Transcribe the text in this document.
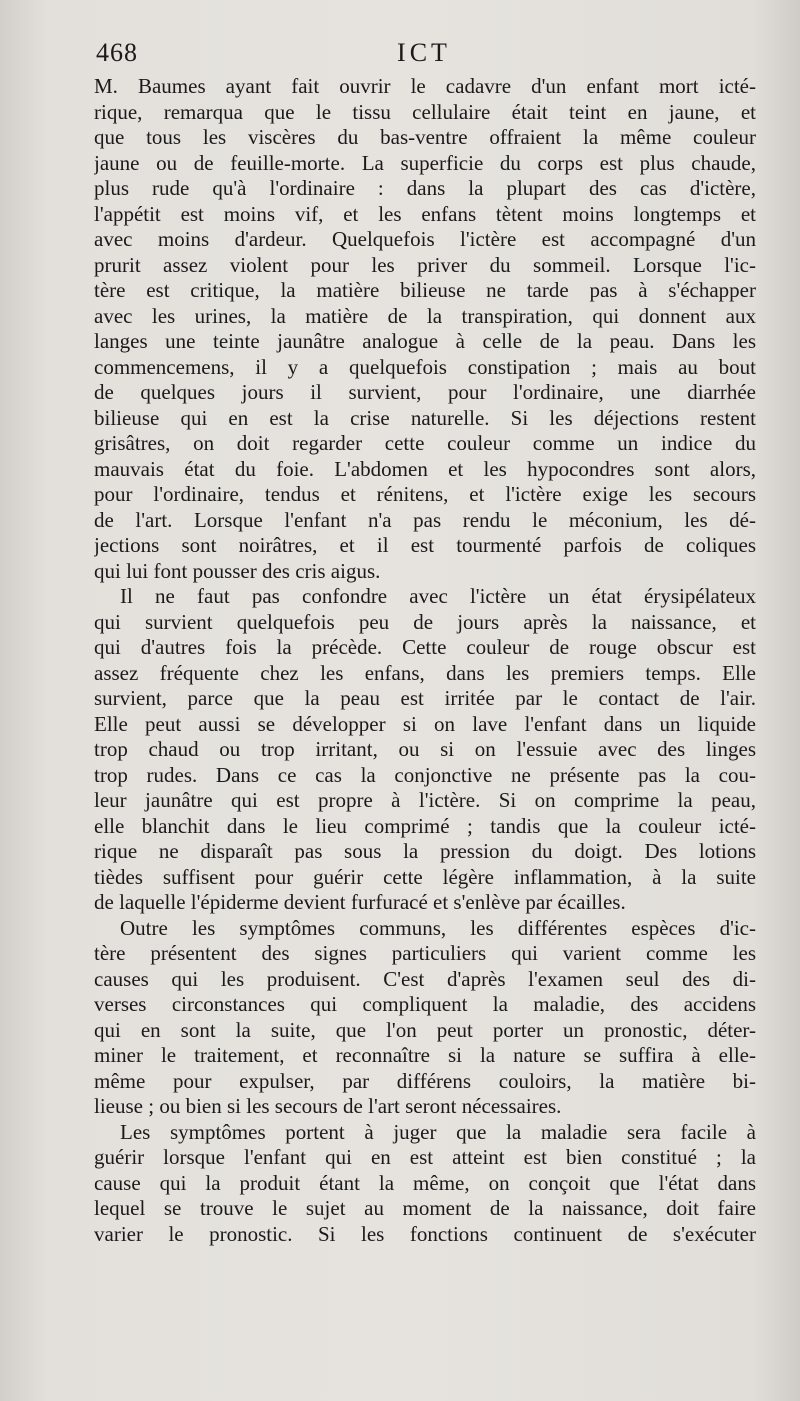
468	ICT
M. Baumes ayant fait ouvrir le cadavre d'un enfant mort icté-
rique, remarqua que le tissu cellulaire était teint en jaune, et
que tous les viscères du bas-ventre offraient la même couleur
jaune ou de feuille-morte. La superficie du corps est plus chaude,
plus rude qu'à l'ordinaire : dans la plupart des cas d'ictère,
l'appétit est moins vif, et les enfans tètent moins longtemps et
avec moins d'ardeur. Quelquefois l'ictère est accompagné d'un
prurit assez violent pour les priver du sommeil. Lorsque l'ic-
tère est critique, la matière bilieuse ne tarde pas à s'échapper
avec les urines, la matière de la transpiration, qui donnent aux
langes une teinte jaunâtre analogue à celle de la peau. Dans les
commencemens, il y a quelquefois constipation ; mais au bout
de quelques jours il survient, pour l'ordinaire, une diarrhée
bilieuse qui en est la crise naturelle. Si les déjections restent
grisâtres, on doit regarder cette couleur comme un indice du
mauvais état du foie. L'abdomen et les hypocondres sont alors,
pour l'ordinaire, tendus et rénitens, et l'ictère exige les secours
de l'art. Lorsque l'enfant n'a pas rendu le méconium, les dé-
jections sont noirâtres, et il est tourmenté parfois de coliques
qui lui font pousser des cris aigus.
Il ne faut pas confondre avec l'ictère un état érysipélateux
qui survient quelquefois peu de jours après la naissance, et
qui d'autres fois la précède. Cette couleur de rouge obscur est
assez fréquente chez les enfans, dans les premiers temps. Elle
survient, parce que la peau est irritée par le contact de l'air.
Elle peut aussi se développer si on lave l'enfant dans un liquide
trop chaud ou trop irritant, ou si on l'essuie avec des linges
trop rudes. Dans ce cas la conjonctive ne présente pas la cou-
leur jaunâtre qui est propre à l'ictère. Si on comprime la peau,
elle blanchit dans le lieu comprimé ; tandis que la couleur icté-
rique ne disparaît pas sous la pression du doigt. Des lotions
tièdes suffisent pour guérir cette légère inflammation, à la suite
de laquelle l'épiderme devient furfuracé et s'enlève par écailles.
Outre les symptômes communs, les différentes espèces d'ic-
tère présentent des signes particuliers qui varient comme les
causes qui les produisent. C'est d'après l'examen seul des di-
verses circonstances qui compliquent la maladie, des accidens
qui en sont la suite, que l'on peut porter un pronostic, déter-
miner le traitement, et reconnaître si la nature se suffira à elle-
même pour expulser, par différens couloirs, la matière bi-
lieuse ; ou bien si les secours de l'art seront nécessaires.
Les symptômes portent à juger que la maladie sera facile à
guérir lorsque l'enfant qui en est atteint est bien constitué ; la
cause qui la produit étant la même, on conçoit que l'état dans
lequel se trouve le sujet au moment de la naissance, doit faire
varier le pronostic. Si les fonctions continuent de s'exécuter
